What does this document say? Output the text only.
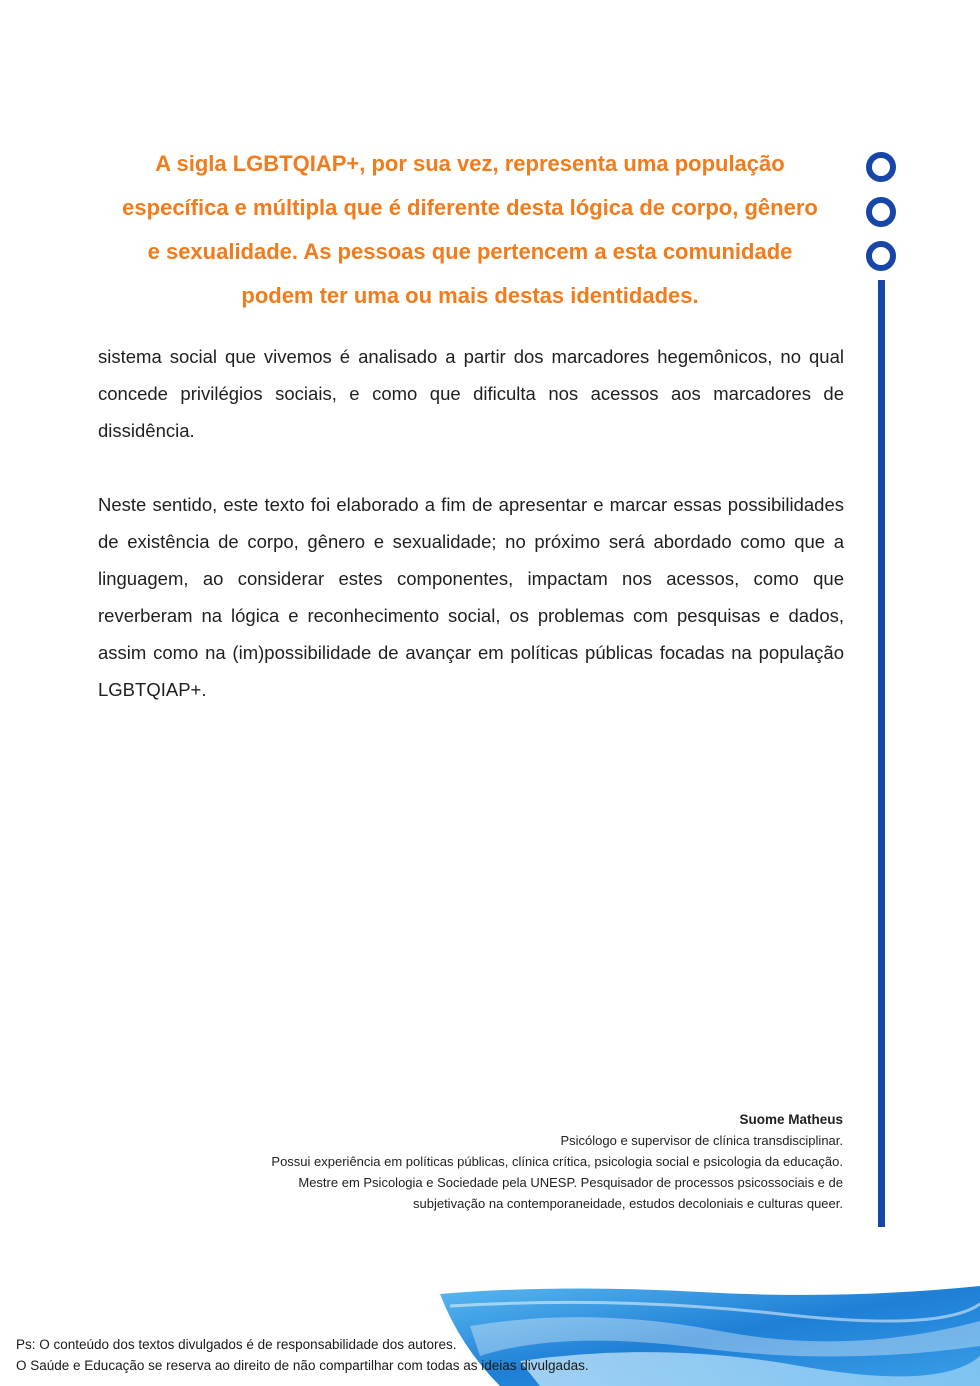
A sigla LGBTQIAP+, por sua vez, representa uma população específica e múltipla que é diferente desta lógica de corpo, gênero e sexualidade. As pessoas que pertencem a esta comunidade podem ter uma ou mais destas identidades.

sistema social que vivemos é analisado a partir dos marcadores hegemônicos, no qual concede privilégios sociais, e como que dificulta nos acessos aos marcadores de dissidência.

Neste sentido, este texto foi elaborado a fim de apresentar e marcar essas possibilidades de existência de corpo, gênero e sexualidade; no próximo será abordado como que a linguagem, ao considerar estes componentes, impactam nos acessos, como que reverberam na lógica e reconhecimento social, os problemas com pesquisas e dados, assim como na (im)possibilidade de avançar em políticas públicas focadas na população LGBTQIAP+.

Suome Matheus
Psicólogo e supervisor de clínica transdisciplinar.
Possui experiência em políticas públicas, clínica crítica, psicologia social e psicologia da educação.
Mestre em Psicologia e Sociedade pela UNESP. Pesquisador de processos psicossociais e de
subjetivação na contemporaneidade, estudos decoloniais e culturas queer.
Ps: O conteúdo dos textos divulgados é de responsabilidade dos autores.
O Saúde e Educação se reserva ao direito de não compartilhar com todas as ideias divulgadas.
